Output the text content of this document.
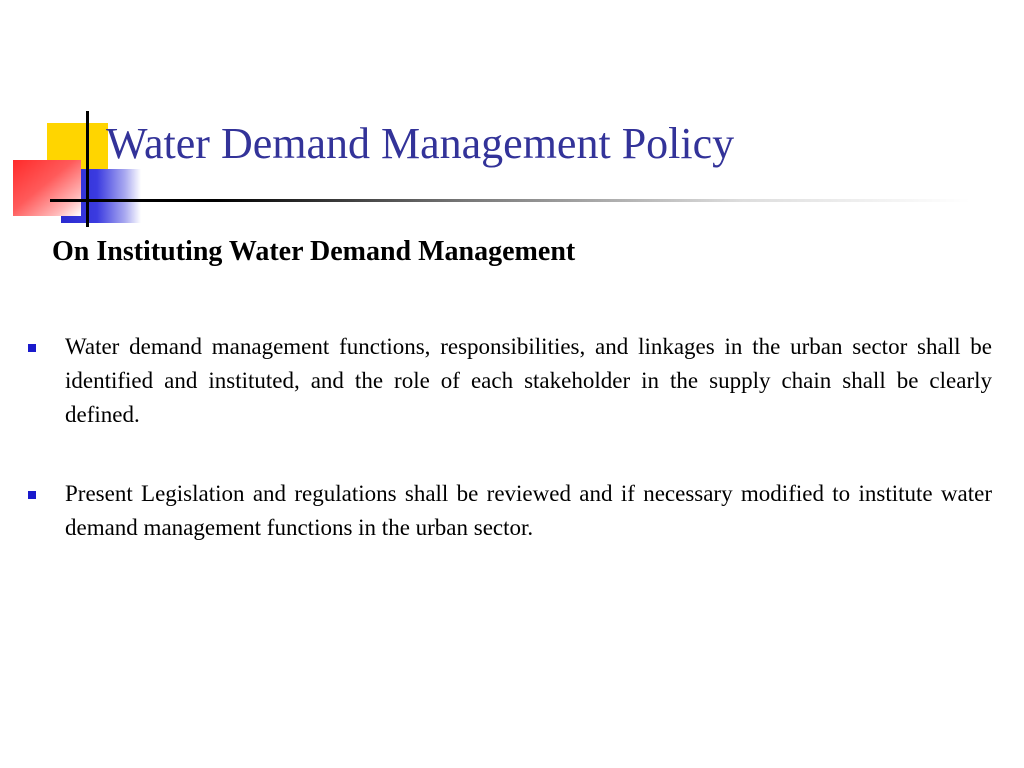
Water Demand Management Policy
On Instituting Water Demand Management
Water demand management functions, responsibilities, and linkages in the urban sector shall be identified and instituted, and the role of each stakeholder in the supply chain shall be clearly defined.
Present Legislation and regulations shall be reviewed and if necessary modified to institute water demand management functions in the urban sector.
